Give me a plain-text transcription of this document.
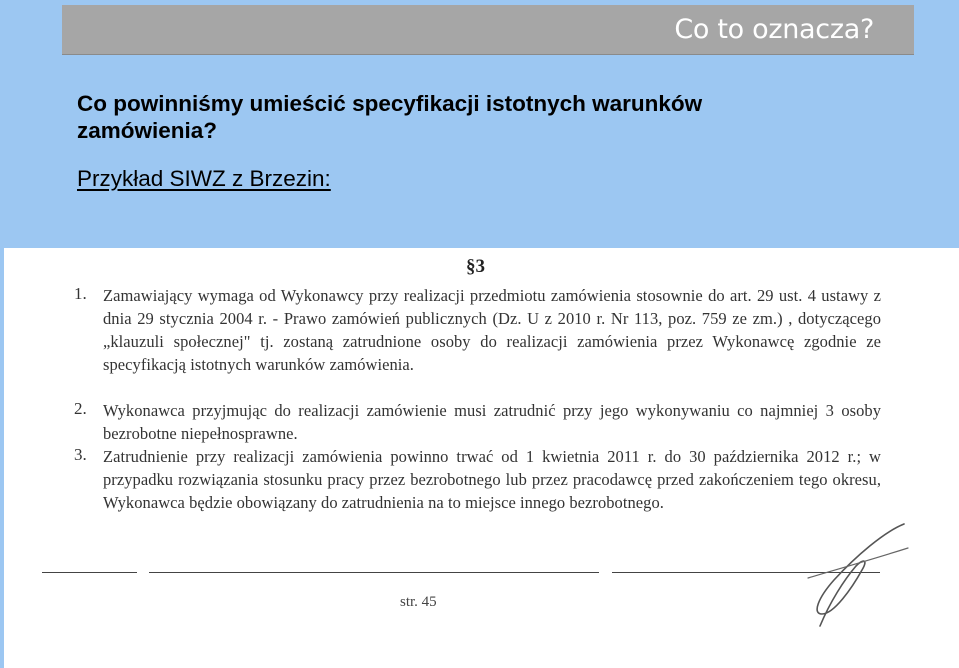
Co to oznacza?
Co powinniśmy umieścić specyfikacji istotnych warunków zamówienia?
Przykład SIWZ z Brzezin:
§3
1. Zamawiający wymaga od Wykonawcy przy realizacji przedmiotu zamówienia stosownie do art. 29 ust. 4 ustawy z dnia 29 stycznia 2004 r. - Prawo zamówień publicznych (Dz. U z 2010 r. Nr 113, poz. 759 ze zm.) , dotyczącego „klauzuli społecznej" tj. zostaną zatrudnione osoby do realizacji zamówienia przez Wykonawcę zgodnie ze specyfikacją istotnych warunków zamówienia.
2. Wykonawca przyjmując do realizacji zamówienie musi zatrudnić przy jego wykonywaniu co najmniej 3 osoby bezrobotne niepełnosprawne.
3. Zatrudnienie przy realizacji zamówienia powinno trwać od 1 kwietnia 2011 r. do 30 października 2012 r.; w przypadku rozwiązania stosunku pracy przez bezrobotnego lub przez pracodawcę przed zakończeniem tego okresu, Wykonawca będzie obowiązany do zatrudnienia na to miejsce innego bezrobotnego.
str. 45
